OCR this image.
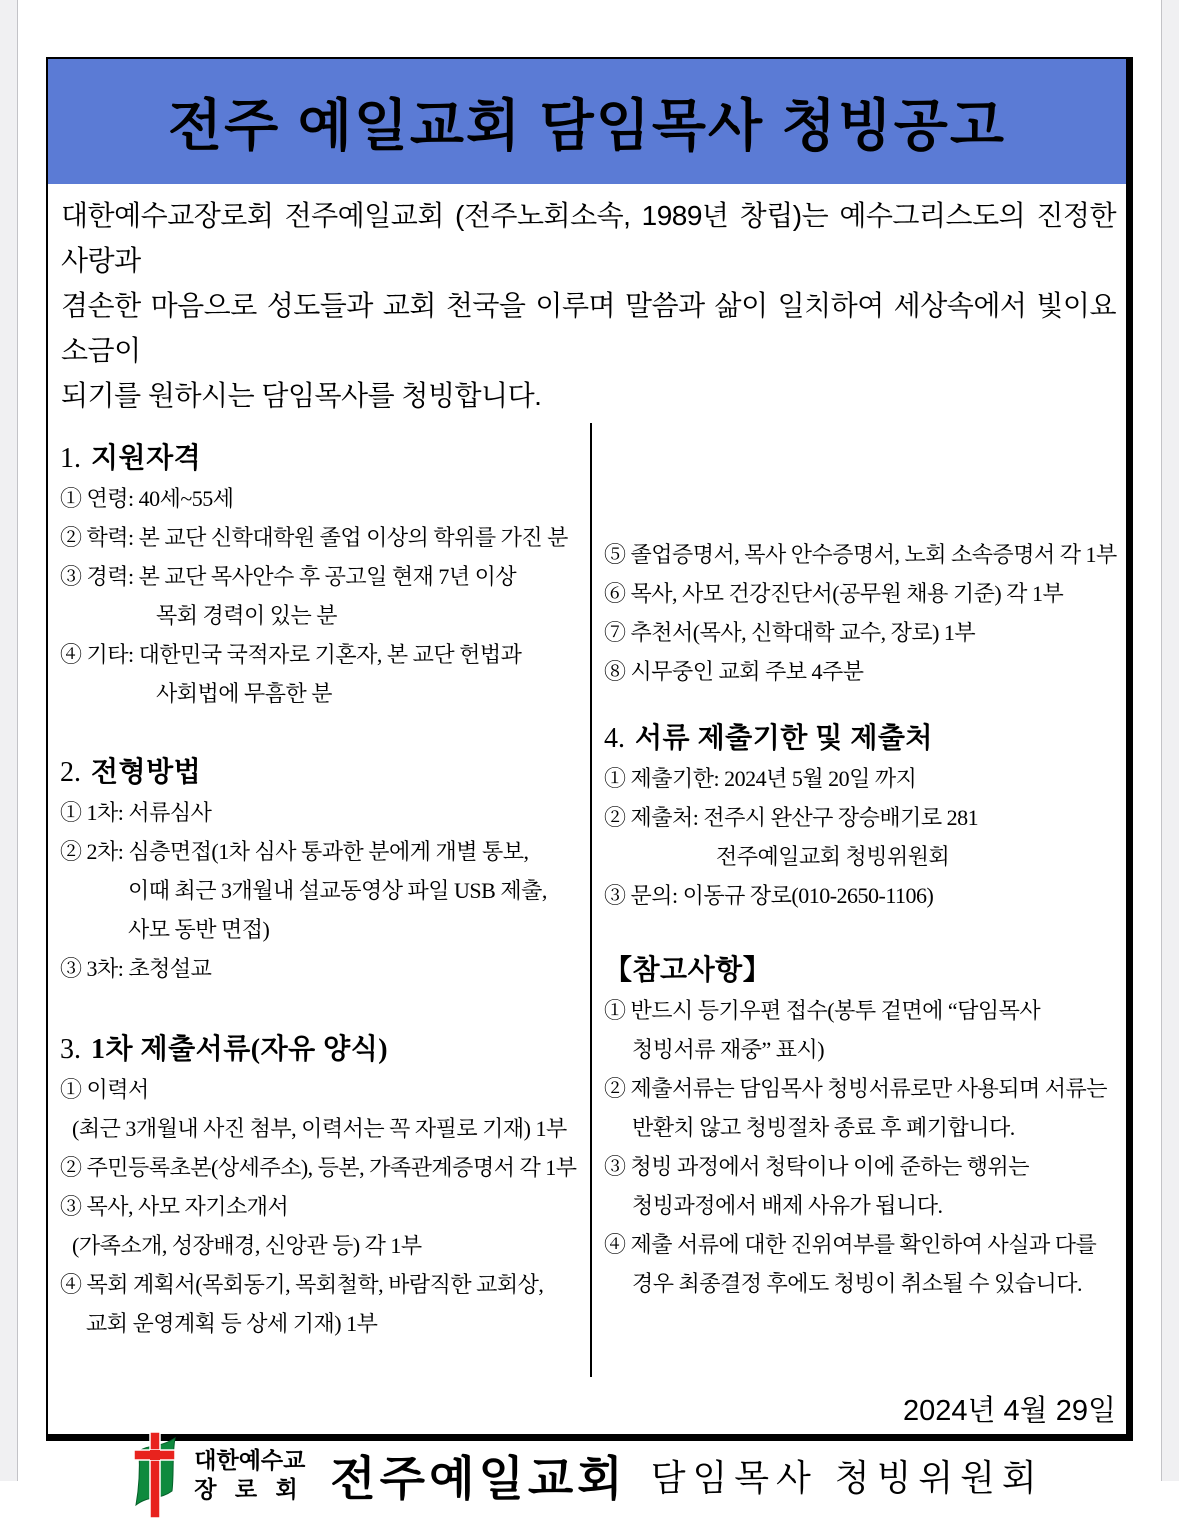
전주 예일교회 담임목사 청빙공고
대한예수교장로회 전주예일교회 (전주노회소속, 1989년 창립)는 예수그리스도의 진정한 사랑과
겸손한 마음으로 성도들과 교회 천국을 이루며 말씀과 삶이 일치하여 세상속에서 빛이요 소금이
되기를 원하시는 담임목사를 청빙합니다.
1. 지원자격
① 연령: 40세~55세
② 학력: 본 교단 신학대학원 졸업 이상의 학위를 가진 분
③ 경력: 본 교단 목사안수 후 공고일 현재 7년 이상
목회 경력이 있는 분
④ 기타: 대한민국 국적자로 기혼자, 본 교단 헌법과
사회법에 무흠한 분
2. 전형방법
① 1차: 서류심사
② 2차: 심층면접(1차 심사 통과한 분에게 개별 통보,
이때 최근 3개월내 설교동영상 파일 USB 제출,
사모 동반 면접)
③ 3차: 초청설교
3. 1차 제출서류(자유 양식)
① 이력서
(최근 3개월내 사진 첨부, 이력서는 꼭 자필로 기재) 1부
② 주민등록초본(상세주소), 등본, 가족관계증명서 각 1부
③ 목사, 사모 자기소개서
(가족소개, 성장배경, 신앙관 등) 각 1부
④ 목회 계획서(목회동기, 목회철학, 바람직한 교회상,
교회 운영계획 등 상세 기재) 1부
⑤ 졸업증명서, 목사 안수증명서, 노회 소속증명서 각 1부
⑥ 목사, 사모 건강진단서(공무원 채용 기준) 각 1부
⑦ 추천서(목사, 신학대학 교수, 장로) 1부
⑧ 시무중인 교회 주보 4주분
4. 서류 제출기한 및 제출처
① 제출기한: 2024년 5월 20일 까지
② 제출처: 전주시 완산구 장승배기로 281
전주예일교회 청빙위원회
③ 문의: 이동규 장로(010-2650-1106)
【참고사항】
① 반드시 등기우편 접수(봉투 겉면에 “담임목사
청빙서류 재중” 표시)
② 제출서류는 담임목사 청빙서류로만 사용되며 서류는
반환치 않고 청빙절차 종료 후 폐기합니다.
③ 청빙 과정에서 청탁이나 이에 준하는 행위는
청빙과정에서 배제 사유가 됩니다.
④ 제출 서류에 대한 진위여부를 확인하여 사실과 다를
경우 최종결정 후에도 청빙이 취소될 수 있습니다.
2024년 4월 29일
대한예수교
장 로 회 전주예일교회 담임목사 청빙위원회
